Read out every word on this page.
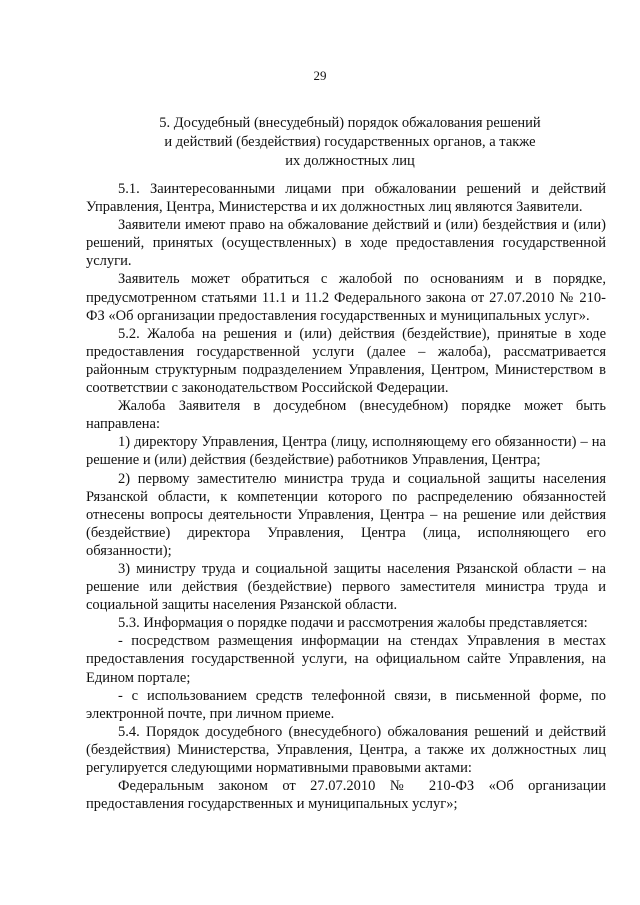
29
5. Досудебный (внесудебный) порядок обжалования решений
и действий (бездействия) государственных органов, а также
их должностных лиц

5.1. Заинтересованными лицами при обжаловании решений и действий Управления, Центра, Министерства и их должностных лиц являются Заявители.

Заявители имеют право на обжалование действий и (или) бездействия и (или) решений, принятых (осуществленных) в ходе предоставления государственной услуги.

Заявитель может обратиться с жалобой по основаниям и в порядке, предусмотренном статьями 11.1 и 11.2 Федерального закона от 27.07.2010 № 210-ФЗ «Об организации предоставления государственных и муниципальных услуг».

5.2. Жалоба на решения и (или) действия (бездействие), принятые в ходе предоставления государственной услуги (далее – жалоба), рассматривается районным структурным подразделением Управления, Центром, Министерством в соответствии с законодательством Российской Федерации.

Жалоба Заявителя в досудебном (внесудебном) порядке может быть направлена:

1) директору Управления, Центра (лицу, исполняющему его обязанности) – на решение и (или) действия (бездействие) работников Управления, Центра;

2) первому заместителю министра труда и социальной защиты населения Рязанской области, к компетенции которого по распределению обязанностей отнесены вопросы деятельности Управления, Центра – на решение или действия (бездействие) директора Управления, Центра (лица, исполняющего его обязанности);

3) министру труда и социальной защиты населения Рязанской области – на решение или действия (бездействие) первого заместителя министра труда и социальной защиты населения Рязанской области.

5.3. Информация о порядке подачи и рассмотрения жалобы представляется:

- посредством размещения информации на стендах Управления в местах предоставления государственной услуги, на официальном сайте Управления, на Едином портале;

- с использованием средств телефонной связи, в письменной форме, по электронной почте, при личном приеме.

5.4. Порядок досудебного (внесудебного) обжалования решений и действий (бездействия) Министерства, Управления, Центра, а также их должностных лиц регулируется следующими нормативными правовыми актами:

Федеральным законом от 27.07.2010 № 210-ФЗ «Об организации предоставления государственных и муниципальных услуг»;
